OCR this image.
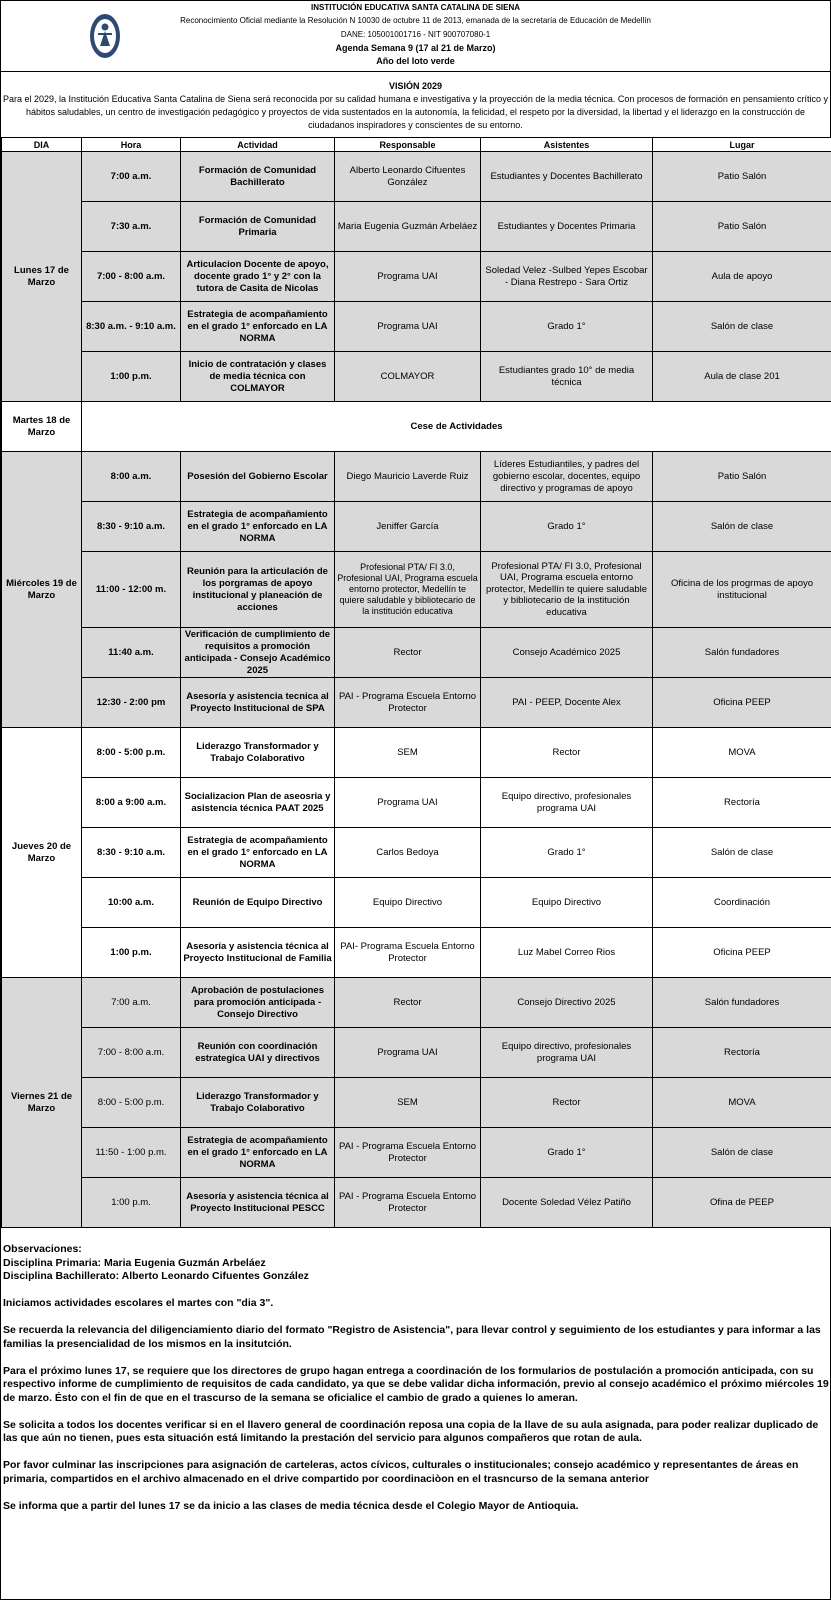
INSTITUCIÓN EDUCATIVA SANTA CATALINA DE SIENA
Reconocimiento Oficial mediante la Resolución N 10030 de octubre 11 de 2013, emanada de la secretaría de Educación de Medellín
DANE: 105001001716 - NIT 900707080-1
Agenda Semana 9 (17 al 21 de Marzo)
Año del loto verde
VISIÓN 2029
Para el 2029, la Institución Educativa Santa Catalina de Siena será reconocida por su calidad humana e investigativa y la proyección de la media técnica. Con procesos de formación en pensamiento crítico y hábitos saludables, un centro de investigación pedagógico y proyectos de vida sustentados en la autonomía, la felicidad, el respeto por la diversidad, la libertad y el liderazgo en la construcción de ciudadanos inspiradores y conscientes de su entorno.
DIA	Hora	Actividad	Responsable	Asistentes	Lugar
Lunes 17 de Marzo	7:00 a.m.	Formación de Comunidad Bachillerato	Alberto Leonardo Cifuentes González	Estudiantes y Docentes Bachillerato	Patio Salón
	7:30 a.m.	Formación de Comunidad Primaria	Maria Eugenia Guzmán Arbeláez	Estudiantes y Docentes Primaria	Patio Salón
	7:00 - 8:00 a.m.	Articulacion Docente de apoyo, docente grado 1° y 2° con la tutora de Casita de Nicolas	Programa UAI	Soledad Velez -Sulbed Yepes Escobar - Diana Restrepo - Sara Ortiz	Aula de apoyo
	8:30 a.m. - 9:10 a.m.	Estrategia de acompañamiento en el grado 1° enforcado en LA NORMA	Programa UAI	Grado 1°	Salón de clase
	1:00 p.m.	Inicio de contratación y clases de media técnica con COLMAYOR	COLMAYOR	Estudiantes grado 10° de media técnica	Aula de clase 201
Martes 18 de Marzo	Cese de Actividades				
Miércoles 19 de Marzo	8:00 a.m.	Posesión del Gobierno Escolar	Diego Mauricio Laverde Ruiz	Líderes Estudiantiles, y padres del gobierno escolar, docentes, equipo directivo y programas de apoyo	Patio Salón
	8:30 - 9:10 a.m.	Estrategia de acompañamiento en el grado 1° enforcado en LA NORMA	Jeniffer García	Grado 1°	Salón de clase
	11:00 - 12:00 m.	Reunión para la articulación de los porgramas de apoyo institucional y planeación de acciones	Profesional PTA/ FI 3.0, Profesional UAI, Programa escuela entorno protector, Medellín te quiere saludable y bibliotecario de la institución educativa	Profesional PTA/ FI 3.0, Profesional UAI, Programa escuela entorno protector, Medellín te quiere saludable y bibliotecario de la institución educativa	Oficina de los progrmas de apoyo institucional
	11:40 a.m.	Verificación de cumplimiento de requisitos a promoción anticipada - Consejo Académico 2025	Rector	Consejo Académico 2025	Salón fundadores
	12:30 - 2:00 pm	Asesoría y asistencia tecnica al Proyecto Institucional de SPA	PAI - Programa Escuela Entorno Protector	PAI - PEEP, Docente Alex	Oficina PEEP
Jueves 20 de Marzo	8:00 - 5:00 p.m.	Liderazgo Transformador y Trabajo Colaborativo	SEM	Rector	MOVA
	8:00 a 9:00 a.m.	Socializacion Plan de aseosria y asistencia técnica PAAT 2025	Programa UAI	Equipo directivo, profesionales programa UAI	Rectoría
	8:30 - 9:10 a.m.	Estrategia de acompañamiento en el grado 1° enforcado en LA NORMA	Carlos Bedoya	Grado 1°	Salón de clase
	10:00 a.m.	Reunión de Equipo Directivo	Equipo Directivo	Equipo Directivo	Coordinación
	1:00 p.m.	Asesoría y asistencia técnica al Proyecto Institucional de Familia	PAI- Programa Escuela Entorno Protector	Luz Mabel Correo Rios	Oficina PEEP
Viernes 21 de Marzo	7:00 a.m.	Aprobación de postulaciones para promoción anticipada - Consejo Directivo	Rector	Consejo Directivo 2025	Salón fundadores
	7:00 - 8:00 a.m.	Reunión con coordinación estrategica UAI y directivos	Programa UAI	Equipo directivo, profesionales programa UAI	Rectoría
	8:00 - 5:00 p.m.	Liderazgo Transformador y Trabajo Colaborativo	SEM	Rector	MOVA
	11:50 - 1:00 p.m.	Estrategia de acompañamiento en el grado 1° enforcado en LA NORMA	PAI - Programa Escuela Entorno Protector	Grado 1°	Salón de clase
	1:00 p.m.	Asesoría y asistencia técnica al Proyecto Institucional PESCC	PAI - Programa Escuela Entorno Protector	Docente Soledad Vélez Patiño	Ofina de PEEP

Observaciones:

Disciplina Primaria: Maria Eugenia Guzmán Arbeláez

Disciplina Bachillerato: Alberto Leonardo Cifuentes González

Iniciamos actividades escolares el martes con "dia 3".

Se recuerda la relevancia del diligenciamiento diario del formato "Registro de Asistencia", para llevar control y seguimiento de los estudiantes y para informar a las familias la presencialidad de los mismos en la insitutción.

Para el próximo lunes 17, se requiere que los directores de grupo hagan entrega a coordinación de los formularios de postulación a promoción anticipada, con su respectivo informe de cumplimiento de requisitos de cada candidato, ya que se debe validar dicha información, previo al consejo académico el próximo miércoles 19 de marzo. Ésto con el fin de que en el trascurso de la semana se oficialice el cambio de grado a quienes lo ameran.

Se solicita a todos los docentes verificar si en el llavero general de coordinación reposa una copia de la llave de su aula asignada, para poder realizar duplicado de las que aún no tienen, pues esta situación está limitando la prestación del servicio para algunos compañeros que rotan de aula.

Por favor culminar las inscripciones para asignación de carteleras, actos cívicos, culturales o institucionales; consejo académico y representantes de áreas en primaria, compartidos en el archivo almacenado en el drive compartido por coordinaciòon en el trasncurso de la semana anterior

Se informa que a partir del lunes 17 se da inicio a las clases de media técnica desde el Colegio Mayor de Antioquia.
